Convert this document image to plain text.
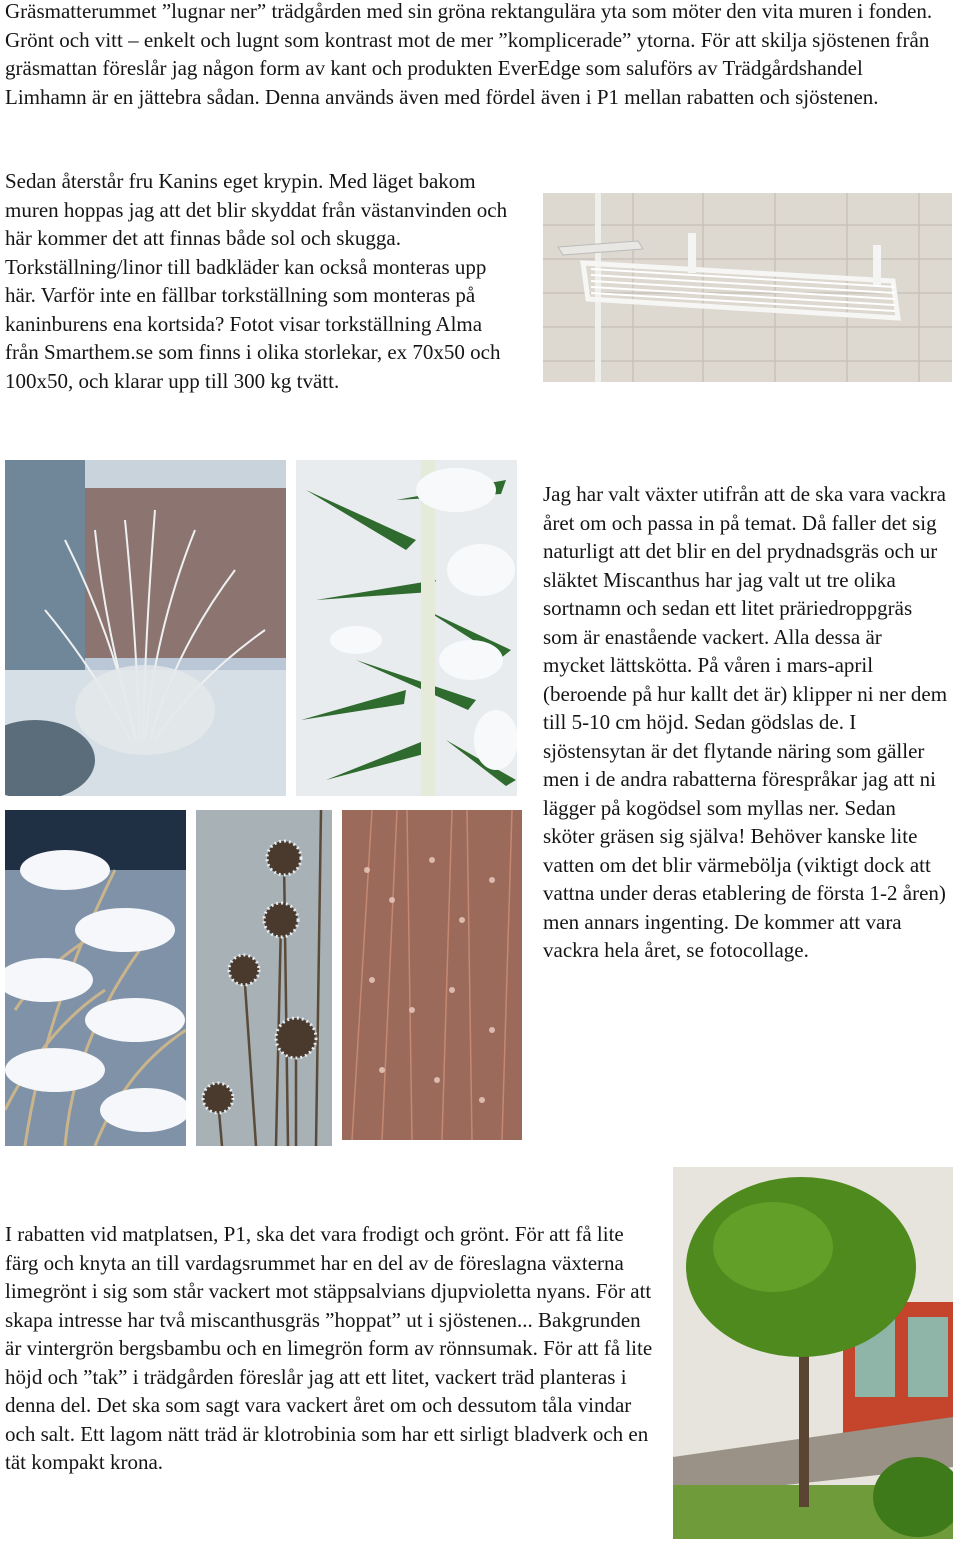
Gräsmatterummet ”lugnar ner” trädgården med sin gröna rektangulära yta som möter den vita muren i fonden. Grönt och vitt – enkelt och lugnt som kontrast mot de mer ”komplicerade” ytorna. För att skilja sjöstenen från gräsmattan föreslår jag någon form av kant och produkten EverEdge som saluförs av Trädgårdshandel Limhamn är en jättebra sådan. Denna används även med fördel även i P1 mellan rabatten och sjöstenen.

Sedan återstår fru Kanins eget krypin. Med läget bakom muren hoppas jag att det blir skyddat från västanvinden och här kommer det att finnas både sol och skugga. Torkställning/linor till badkläder kan också monteras upp här. Varför inte en fällbar torkställning som monteras på kaninburens ena kortsida? Fotot visar torkställning Alma från Smarthem.se som finns i olika storlekar, ex 70x50 och 100x50, och klarar upp till 300 kg tvätt.

Jag har valt växter utifrån att de ska vara vackra året om och passa in på temat. Då faller det sig naturligt att det blir en del prydnadsgräs och ur släktet Miscanthus har jag valt ut tre olika sortnamn och sedan ett litet präriedroppgräs som är enastående vackert. Alla dessa är mycket lättskötta. På våren i mars-april (beroende på hur kallt det är) klipper ni ner dem till 5-10 cm höjd. Sedan gödslas de. I sjöstensytan är det flytande näring som gäller men i de andra rabatterna förespråkar jag att ni lägger på kogödsel som myllas ner. Sedan sköter gräsen sig själva! Behöver kanske lite vatten om det blir värmebölja (viktigt dock att vattna under deras etablering de första 1-2 åren) men annars ingenting. De kommer att vara vackra hela året, se fotocollage.

I rabatten vid matplatsen, P1, ska det vara frodigt och grönt. För att få lite färg och knyta an till vardagsrummet har en del av de föreslagna växterna limegrönt i sig som står vackert mot stäppsalvians djupvioletta nyans. För att skapa intresse har två miscanthusgräs ”hoppat” ut i sjöstenen... Bakgrunden är vintergrön bergsbambu och en limegrön form av rönnsumak. För att få lite höjd och ”tak” i trädgården föreslår jag att ett litet, vackert träd planteras i denna del. Det ska som sagt vara vackert året om och dessutom tåla vindar och salt. Ett lagom nätt träd är klotrobinia som har ett sirligt bladverk och en tät kompakt krona.
